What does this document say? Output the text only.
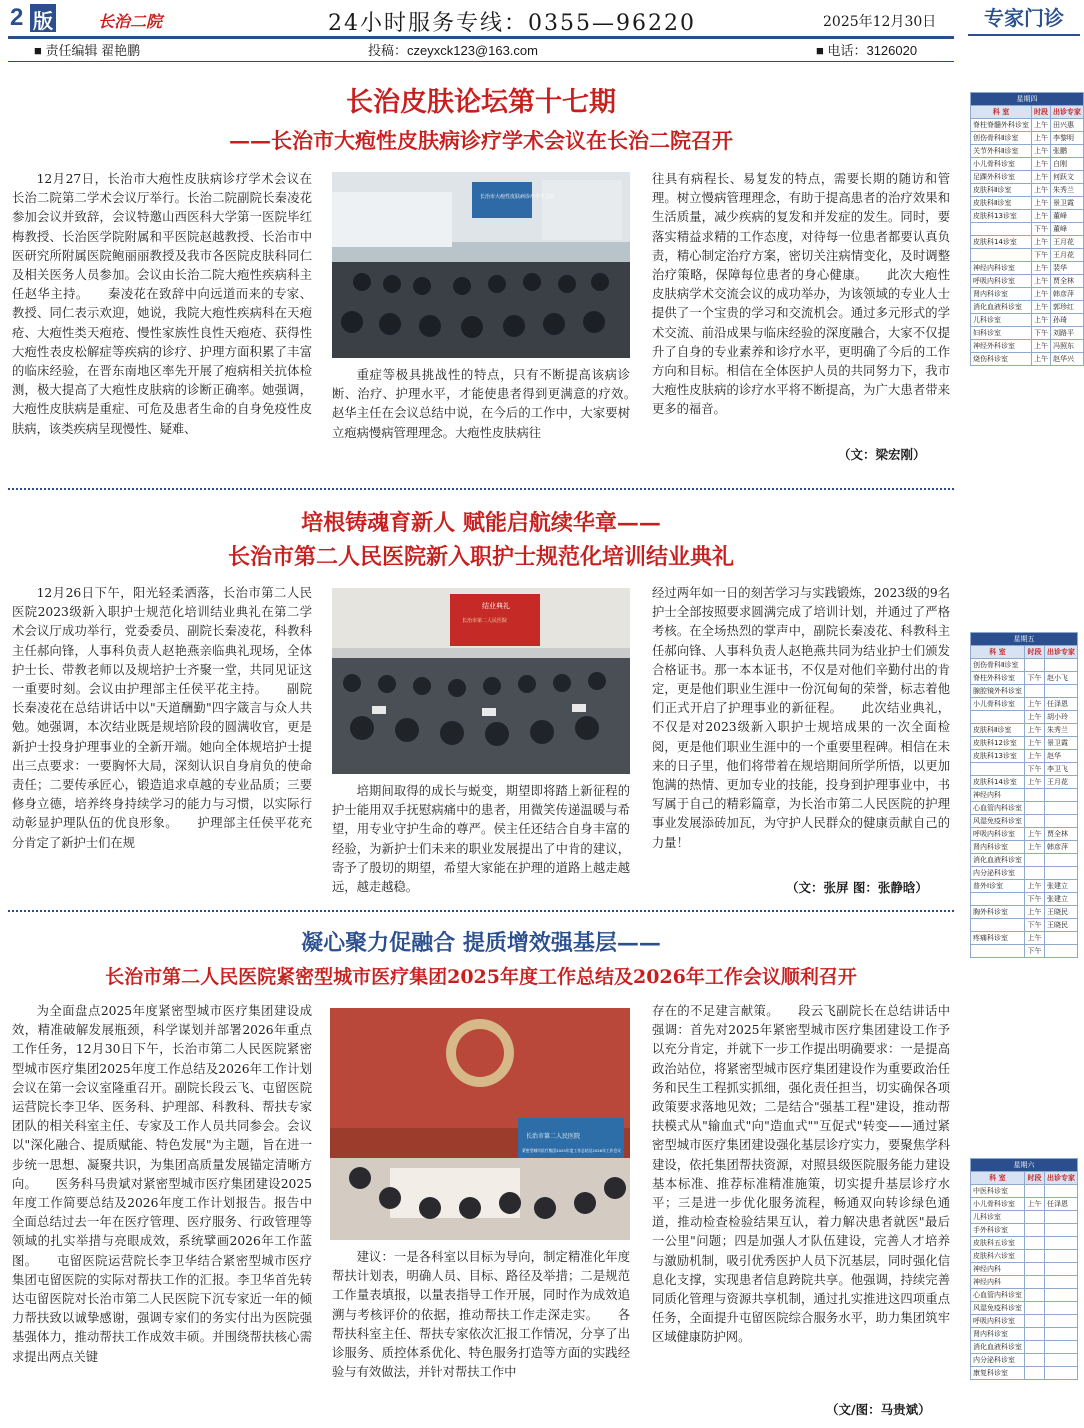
2 版	长治二院	24小时服务专线：0355—96220	2025年12月30日
■ 责任编辑 翟艳鹏	投稿：czeyxck123@163.com	■ 电话：3126020
长治皮肤论坛第十七期
——长治市大疱性皮肤病诊疗学术会议在长治二院召开
12月27日，长治市大疱性皮肤病诊疗学术会议在长治二院第二学术会议厅举行。长治二院副院长秦凌花参加会议并致辞，会议特邀山西医科大学第一医院毕红梅教授、长治医学院附属和平医院赵越教授、长治市中医研究所附属医院鲍丽丽教授及我市各医院皮肤科同仁及相关医务人员参加。会议由长治二院大疱性疾病科主任赵华主持。　　秦凌花在致辞中向远道而来的专家、教授、同仁表示欢迎，她说，我院大疱性疾病科在天疱疮、大疱性类天疱疮、慢性家族性良性天疱疮、获得性大疱性表皮松解症等疾病的诊疗、护理方面积累了丰富的临床经验，在晋东南地区率先开展了疱病相关抗体检测，极大提高了大疱性皮肤病的诊断正确率。她强调，大疱性皮肤病是重症、可危及患者生命的自身免疫性皮肤病，该类疾病呈现慢性、疑难、
长治市大疱性皮肤病诊疗学术会议
重症等极具挑战性的特点，只有不断提高该病诊断、治疗、护理水平，才能使患者得到更满意的疗效。　　赵华主任在会议总结中说，在今后的工作中，大家要树立疱病慢病管理理念。大疱性皮肤病往
往具有病程长、易复发的特点，需要长期的随访和管理。树立慢病管理理念，有助于提高患者的治疗效果和生活质量，减少疾病的复发和并发症的发生。同时，要落实精益求精的工作态度，对待每一位患者都要认真负责，精心制定治疗方案，密切关注病情变化，及时调整治疗策略，保障每位患者的身心健康。　　此次大疱性皮肤病学术交流会议的成功举办，为该领域的专业人士提供了一个宝贵的学习和交流机会。通过多元形式的学术交流、前沿成果与临床经验的深度融合，大家不仅提升了自身的专业素养和诊疗水平，更明确了今后的工作方向和目标。相信在全体医护人员的共同努力下，我市大疱性皮肤病的诊疗水平将不断提高，为广大患者带来更多的福音。
（文：梁宏刚）
培根铸魂育新人 赋能启航续华章——
长治市第二人民医院新入职护士规范化培训结业典礼
12月26日下午，阳光轻柔洒落，长治市第二人民医院2023级新入职护士规范化培训结业典礼在第二学术会议厅成功举行，党委委员、副院长秦凌花，科教科主任郝向锋，人事科负责人赵艳燕亲临典礼现场，全体护士长、带教老师以及规培护士齐聚一堂，共同见证这一重要时刻。会议由护理部主任侯平花主持。　　副院长秦凌花在总结讲话中以"天道酬勤"四字箴言与众人共勉。她强调，本次结业既是规培阶段的圆满收官，更是新护士投身护理事业的全新开端。她向全体规培护士提出三点要求：一要胸怀大局，深刻认识自身肩负的使命责任；二要传承匠心，锻造追求卓越的专业品质；三要修身立德，培养终身持续学习的能力与习惯，以实际行动彰显护理队伍的优良形象。　　护理部主任侯平花充分肯定了新护士们在规
结业典礼
长治市第二人民医院
培期间取得的成长与蜕变，期望即将踏上新征程的护士能用双手抚慰病痛中的患者，用微笑传递温暖与希望，用专业守护生命的尊严。侯主任还结合自身丰富的经验，为新护士们未来的职业发展提出了中肯的建议，寄予了殷切的期望，希望大家能在护理的道路上越走越远，越走越稳。
经过两年如一日的刻苦学习与实践锻炼，2023级的9名护士全部按照要求圆满完成了培训计划，并通过了严格考核。在全场热烈的掌声中，副院长秦凌花、科教科主任郝向锋、人事科负责人赵艳燕共同为结业护士们颁发合格证书。那一本本证书，不仅是对他们辛勤付出的肯定，更是他们职业生涯中一份沉甸甸的荣誉，标志着他们正式开启了护理事业的新征程。　　此次结业典礼，不仅是对2023级新入职护士规培成果的一次全面检阅，更是他们职业生涯中的一个重要里程碑。相信在未来的日子里，他们将带着在规培期间所学所悟，以更加饱满的热情、更加专业的技能，投身到护理事业中，书写属于自己的精彩篇章，为长治市第二人民医院的护理事业发展添砖加瓦，为守护人民群众的健康贡献自己的力量！
（文：张屏 图：张静晗）
凝心聚力促融合 提质增效强基层——
长治市第二人民医院紧密型城市医疗集团2025年度工作总结及2026年工作会议顺利召开
为全面盘点2025年度紧密型城市医疗集团建设成效，精准破解发展瓶颈，科学谋划并部署2026年重点工作任务，12月30日下午，长治市第二人民医院紧密型城市医疗集团2025年度工作总结及2026年工作计划会议在第一会议室隆重召开。副院长段云飞、屯留医院运营院长李卫华、医务科、护理部、科教科、帮扶专家团队的相关科室主任、专家及工作人员共同参会。会议以"深化融合、提质赋能、特色发展"为主题，旨在进一步统一思想、凝聚共识，为集团高质量发展锚定清晰方向。　　医务科马贵斌对紧密型城市医疗集团建设2025年度工作简要总结及2026年度工作计划报告。报告中全面总结过去一年在医疗管理、医疗服务、行政管理等领域的扎实举措与亮眼成效，系统擘画2026年工作蓝图。　　屯留医院运营院长李卫华结合紧密型城市医疗集团屯留医院的实际对帮扶工作的汇报。李卫华首先转达屯留医院对长治市第二人民医院下沉专家近一年的倾力帮扶致以诚挚感谢，强调专家们的务实付出为医院强基强体力，推动帮扶工作成效丰硕。并围绕帮扶核心需求提出两点关键
长治市第二人民医院
紧密型城市医疗集团2025年度工作总结及2026年工作会议
建议：一是各科室以目标为导向，制定精准化年度帮扶计划表，明确人员、目标、路径及举措；二是规范工作量表填报，以量表指导工作开展，同时作为成效追溯与考核评价的依据，推动帮扶工作走深走实。　　各帮扶科室主任、帮扶专家依次汇报工作情况，分享了出诊服务、质控体系优化、特色服务打造等方面的实践经验与有效做法，并针对帮扶工作中
存在的不足建言献策。　　段云飞副院长在总结讲话中强调：首先对2025年紧密型城市医疗集团建设工作予以充分肯定，并就下一步工作提出明确要求：一是提高政治站位，将紧密型城市医疗集团建设作为重要政治任务和民生工程抓实抓细，强化责任担当，切实确保各项政策要求落地见效；二是结合"强基工程"建设，推动帮扶模式从"输血式"向"造血式""互促式"转变——通过紧密型城市医疗集团建设强化基层诊疗实力，要聚焦学科建设，依托集团帮扶资源，对照县级医院服务能力建设基本标准、推荐标准精准施策，切实提升基层诊疗水平；三是进一步优化服务流程，畅通双向转诊绿色通道，推动检查检验结果互认，着力解决患者就医"最后一公里"问题；四是加强人才队伍建设，完善人才培养与激励机制，吸引优秀医护人员下沉基层，同时强化信息化支撑，实现患者信息跨院共享。他强调，持续完善同质化管理与资源共享机制，通过扎实推进这四项重点任务，全面提升屯留医院综合服务水平，助力集团筑牢区域健康防护网。
（文/图：马贵斌）
专家门诊
星期四		
科 室	时段	出诊专家
脊柱脊髓外科诊室	上午	田兴惠
创伤骨科Ⅱ诊室	上午	李黎明
关节外科Ⅱ诊室	上午	张鹏
小儿骨科诊室	上午	白刚
足踝外科诊室	上午	何跃文
皮肤科Ⅱ诊室	上午	朱秀兰
皮肤科Ⅱ诊室	上午	景卫霞
皮肤科13诊室	上午	董峰
	下午	董峰
皮肤科14诊室	上午	王月花
	下午	王月花
神经内科诊室	上午	裴华
呼吸内科诊室	上午	贾全林
肾内科诊室	上午	韩彦萍
消化血液科诊室	上午	郭珍红
儿科诊室	上午	孙琦
妇科诊室	下午	刘路平
神经外科诊室	上午	冯照东
烧伤科诊室	上午	赵华兴
星期五		
科 室	时段	出诊专家
创伤骨科Ⅱ诊室		
脊柱外科诊室	下午	赵小飞
腺腔镜外科诊室		
小儿骨科诊室	上午	任泽恩
	上午	胡小玲
皮肤科Ⅱ诊室	上午	朱秀兰
皮肤科12诊室	上午	景卫霞
皮肤科13诊室	上午	赵华
	下午	李卫飞
皮肤科14诊室	上午	王月花
神经内科		
心血管内科诊室		
风湿免疫科诊室		
呼吸内科诊室	上午	贾全林
肾内科诊室	上午	韩彦萍
消化血液科诊室		
内分泌科诊室		
普外Ⅰ诊室	上午	张建立
	下午	张建立
胸外科诊室	上午	王晓民
	下午	王晓民
疼痛科诊室	上午	
	下午	
星期六		
科 室	时段	出诊专家
中医科诊室		
小儿骨科诊室	上午	任泽恩
儿科诊室		
手外科诊室		
皮肤科五诊室		
皮肤科六诊室		
神经内科		
神经内科		
心血管内科诊室		
风湿免疫科诊室		
呼吸内科诊室		
肾内科诊室		
消化血液科诊室		
内分泌科诊室		
康复科诊室		
